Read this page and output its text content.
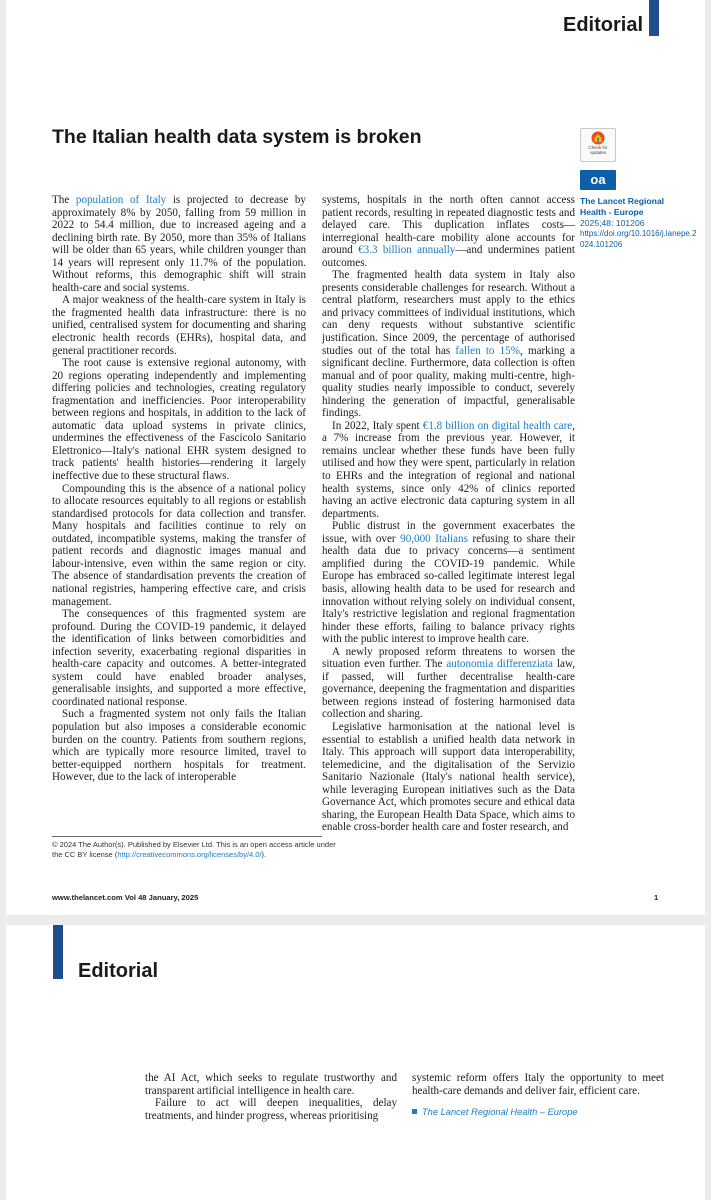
Editorial
The Italian health data system is broken	Check for
updates
oa
The Lancet Regional
Health - Europe
2025;48: 101206
https://doi.org/10.1016/j.lanepe.2024.101206

The population of Italy is projected to decrease by approximately 8% by 2050, falling from 59 million in 2022 to 54.4 million, due to increased ageing and a declining birth rate. By 2050, more than 35% of Italians will be older than 65 years, while children younger than 14 years will represent only 11.7% of the population. Without reforms, this demographic shift will strain health-care and social systems.

A major weakness of the health-care system in Italy is the fragmented health data infrastructure: there is no unified, centralised system for documenting and sharing electronic health records (EHRs), hospital data, and general practitioner records.

The root cause is extensive regional autonomy, with 20 regions operating independently and implementing differing policies and technologies, creating regulatory fragmentation and inefficiencies. Poor interoperability between regions and hospitals, in addition to the lack of automatic data upload systems in private clinics, undermines the effectiveness of the Fascicolo Sanitario Elettronico—Italy's national EHR system designed to track patients' health histories—rendering it largely ineffective due to these structural flaws.

Compounding this is the absence of a national policy to allocate resources equitably to all regions or establish standardised protocols for data collection and transfer. Many hospitals and facilities continue to rely on outdated, incompatible systems, making the transfer of patient records and diagnostic images manual and labour-intensive, even within the same region or city. The absence of standardisation prevents the creation of national registries, hampering effective care, and crisis management.

The consequences of this fragmented system are profound. During the COVID-19 pandemic, it delayed the identification of links between comorbidities and infection severity, exacerbating regional disparities in health-care capacity and outcomes. A better-integrated system could have enabled broader analyses, generalisable insights, and supported a more effective, coordinated national response.

Such a fragmented system not only fails the Italian population but also imposes a considerable economic burden on the country. Patients from southern regions, which are typically more resource limited, travel to better-equipped northern hospitals for treatment. However, due to the lack of interoperable

systems, hospitals in the north often cannot access patient records, resulting in repeated diagnostic tests and delayed care. This duplication inflates costs—interregional health-care mobility alone accounts for around €3.3 billion annually—and undermines patient outcomes.

The fragmented health data system in Italy also presents considerable challenges for research. Without a central platform, researchers must apply to the ethics and privacy committees of individual institutions, which can deny requests without substantive scientific justification. Since 2009, the percentage of authorised studies out of the total has fallen to 15%, marking a significant decline. Furthermore, data collection is often manual and of poor quality, making multi-centre, high-quality studies nearly impossible to conduct, severely hindering the generation of impactful, generalisable findings.

In 2022, Italy spent €1.8 billion on digital health care, a 7% increase from the previous year. However, it remains unclear whether these funds have been fully utilised and how they were spent, particularly in relation to EHRs and the integration of regional and national health systems, since only 42% of clinics reported having an active electronic data capturing system in all departments.

Public distrust in the government exacerbates the issue, with over 90,000 Italians refusing to share their health data due to privacy concerns—a sentiment amplified during the COVID-19 pandemic. While Europe has embraced so-called legitimate interest legal basis, allowing health data to be used for research and innovation without relying solely on individual consent, Italy's restrictive legislation and regional fragmentation hinder these efforts, failing to balance privacy rights with the public interest to improve health care.

A newly proposed reform threatens to worsen the situation even further. The autonomia differenziata law, if passed, will further decentralise health-care governance, deepening the fragmentation and disparities between regions instead of fostering harmonised data collection and sharing.

Legislative harmonisation at the national level is essential to establish a unified health data network in Italy. This approach will support data interoperability, telemedicine, and the digitalisation of the Servizio Sanitario Nazionale (Italy's national health service), while leveraging European initiatives such as the Data Governance Act, which promotes secure and ethical data sharing, the European Health Data Space, which aims to enable cross-border health care and foster research, and

© 2024 The Author(s). Published by Elsevier Ltd. This is an open access article under the CC BY license (http://creativecommons.org/licenses/by/4.0/).
www.thelancet.com Vol 48 January, 2025	1
Editorial

the AI Act, which seeks to regulate trustworthy and transparent artificial intelligence in health care.

Failure to act will deepen inequalities, delay treatments, and hinder progress, whereas prioritising

systemic reform offers Italy the opportunity to meet health-care demands and deliver fair, efficient care.

The Lancet Regional Health – Europe
